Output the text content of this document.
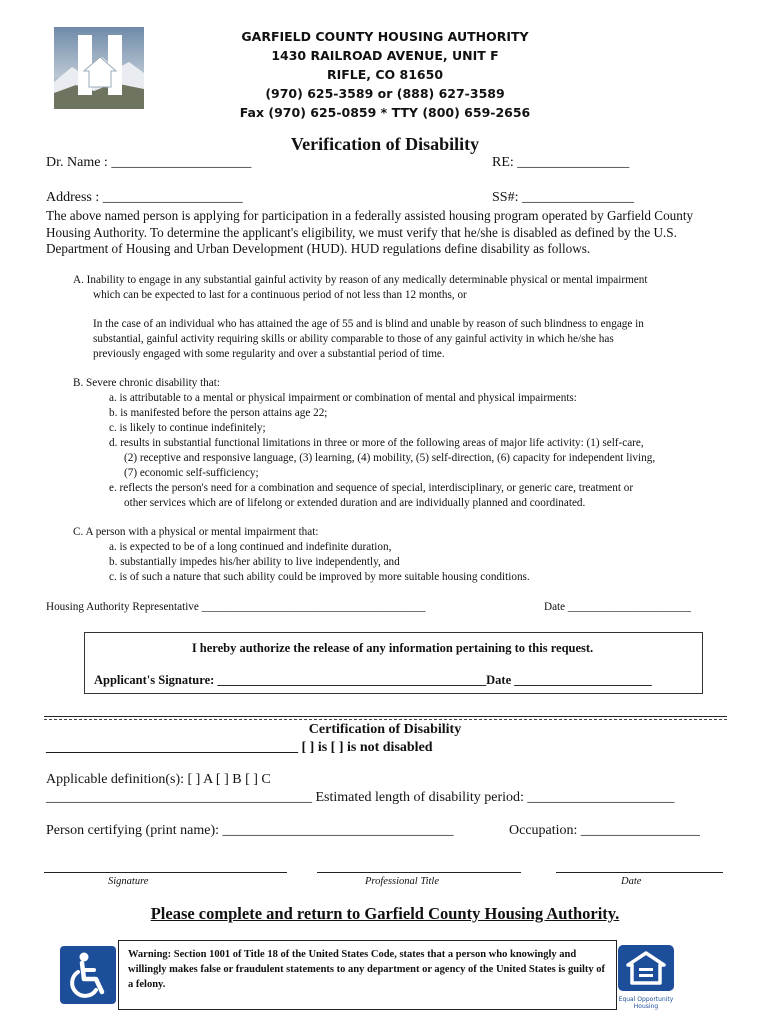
GARFIELD COUNTY HOUSING AUTHORITY
1430 RAILROAD AVENUE, UNIT F
RIFLE, CO 81650
(970) 625-3589 or (888) 627-3589
Fax (970) 625-0859 * TTY (800) 659-2656
Verification of Disability
Dr. Name : ____________________	RE: ________________
Address : ____________________	SS#: ________________
The above named person is applying for participation in a federally assisted housing program operated by Garfield County Housing Authority. To determine the applicant's eligibility, we must verify that he/she is disabled as defined by the U.S. Department of Housing and Urban Development (HUD). HUD regulations define disability as follows.
A. Inability to engage in any substantial gainful activity by reason of any medically determinable physical or mental impairment
which can be expected to last for a continuous period of not less than 12 months, or
In the case of an individual who has attained the age of 55 and is blind and unable by reason of such blindness to engage in
substantial, gainful activity requiring skills or ability comparable to those of any gainful activity in which he/she has
previously engaged with some regularity and over a substantial period of time.
B. Severe chronic disability that:
a. is attributable to a mental or physical impairment or combination of mental and physical impairments:
b. is manifested before the person attains age 22;
c. is likely to continue indefinitely;
d. results in substantial functional limitations in three or more of the following areas of major life activity: (1) self-care,
(2) receptive and responsive language, (3) learning, (4) mobility, (5) self-direction, (6) capacity for independent living,
(7) economic self-sufficiency;
e. reflects the person's need for a combination and sequence of special, interdisciplinary, or generic care, treatment or
other services which are of lifelong or extended duration and are individually planned and coordinated.
C. A person with a physical or mental impairment that:
a. is expected to be of a long continued and indefinite duration,
b. substantially impedes his/her ability to live independently, and
c. is of such a nature that such ability could be improved by more suitable housing conditions.
Housing Authority Representative ________________________________________	Date ______________________
I hereby authorize the release of any information pertaining to this request.
Applicant's Signature: ___________________________________________Date ______________________
Certification of Disability
____________________________________ [ ] is [ ] is not disabled
Applicable definition(s): [ ] A [ ] B [ ] C
______________________________________ Estimated length of disability period: _____________________
Person certifying (print name): _________________________________	Occupation: _________________
Signature	Professional Title	Date
Please complete and return to Garfield County Housing Authority.
Warning: Section 1001 of Title 18 of the United States Code, states that a person who knowingly and willingly makes false or fraudulent statements to any department or agency of the United States is guilty of a felony.
Equal Opportunity
Housing
